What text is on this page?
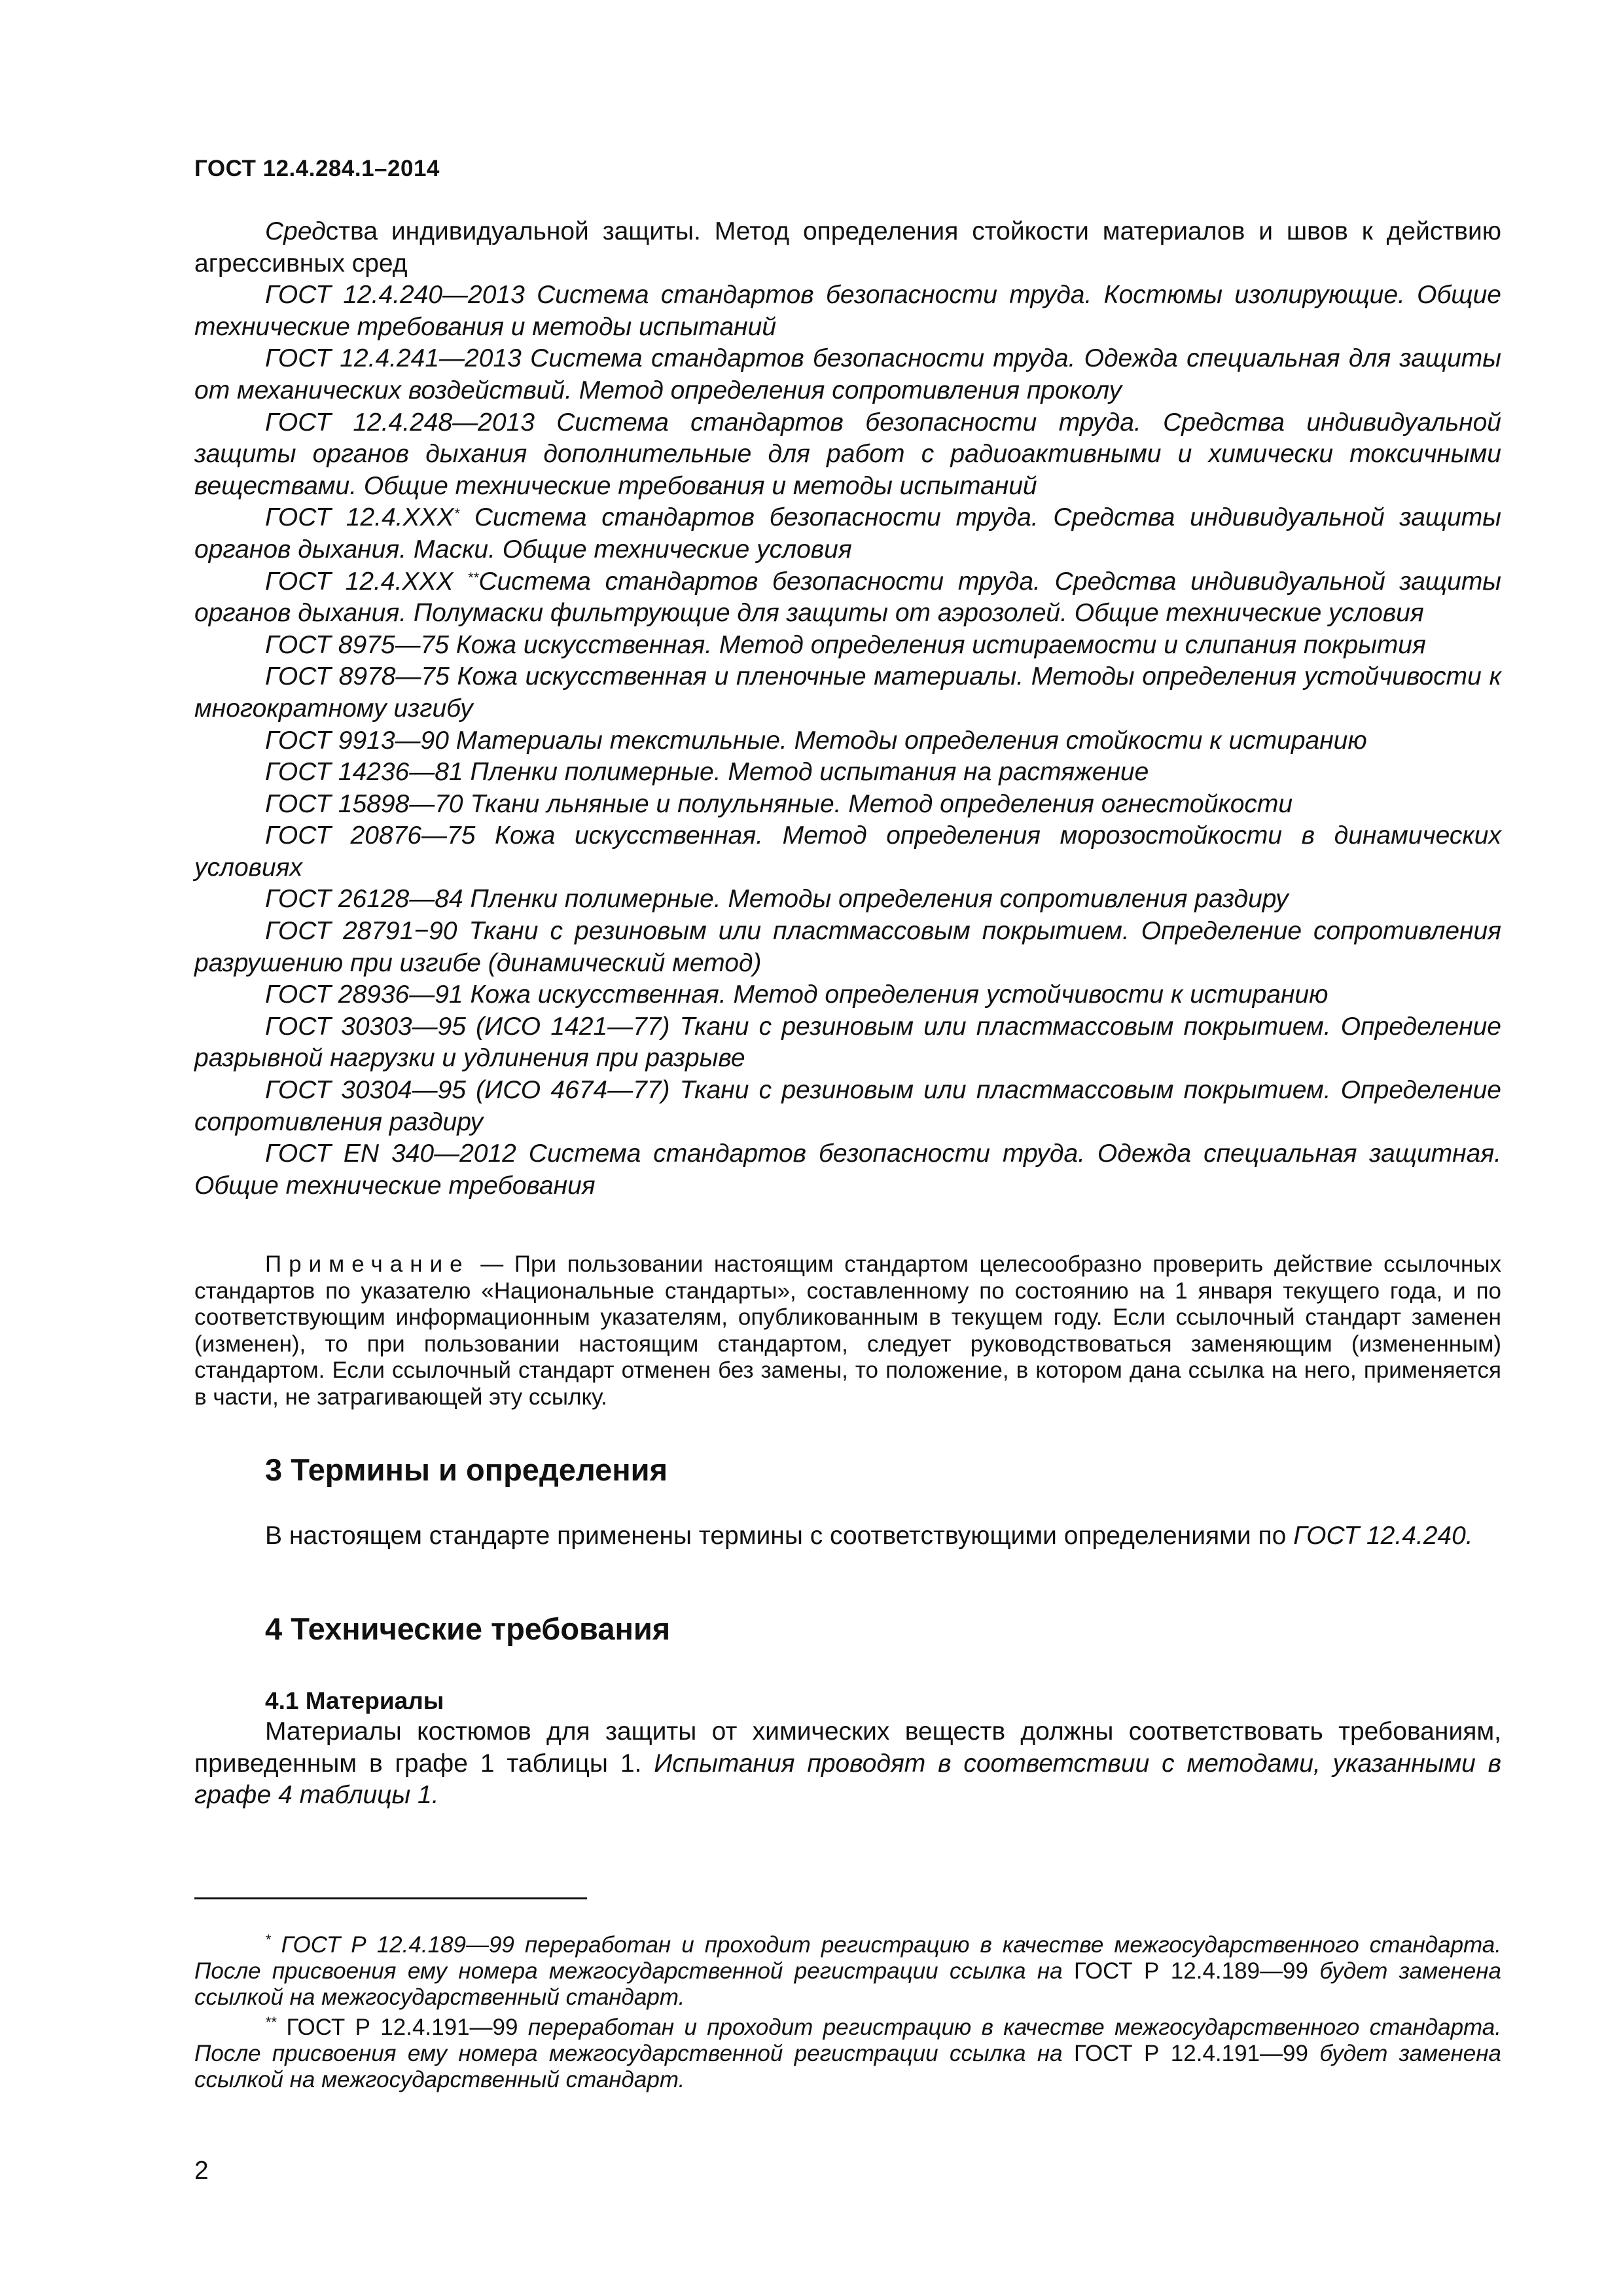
ГОСТ 12.4.284.1–2014

Средства индивидуальной защиты. Метод определения стойкости материалов и швов к действию агрессивных сред

ГОСТ 12.4.240—2013 Система стандартов безопасности труда. Костюмы изолирующие. Общие технические требования и методы испытаний

ГОСТ 12.4.241—2013 Система стандартов безопасности труда. Одежда специальная для защиты от механических воздействий. Метод определения сопротивления проколу

ГОСТ 12.4.248—2013 Система стандартов безопасности труда. Средства индивидуальной защиты органов дыхания дополнительные для работ с радиоактивными и химически токсичными веществами. Общие технические требования и методы испытаний

ГОСТ 12.4.XXX* Система стандартов безопасности труда. Средства индивидуальной защиты органов дыхания. Маски. Общие технические условия

ГОСТ 12.4.XXX **Система стандартов безопасности труда. Средства индивидуальной защиты органов дыхания. Полумаски фильтрующие для защиты от аэрозолей. Общие технические условия

ГОСТ 8975—75 Кожа искусственная. Метод определения истираемости и слипания покрытия

ГОСТ 8978—75 Кожа искусственная и пленочные материалы. Методы определения устойчивости к многократному изгибу

ГОСТ 9913—90 Материалы текстильные. Методы определения стойкости к истиранию

ГОСТ 14236—81 Пленки полимерные. Метод испытания на растяжение

ГОСТ 15898—70 Ткани льняные и полульняные. Метод определения огнестойкости

ГОСТ 20876—75 Кожа искусственная. Метод определения морозостойкости в динамических условиях

ГОСТ 26128—84 Пленки полимерные. Методы определения сопротивления раздиру

ГОСТ 28791−90 Ткани с резиновым или пластмассовым покрытием. Определение сопротивления разрушению при изгибе (динамический метод)

ГОСТ 28936—91 Кожа искусственная. Метод определения устойчивости к истиранию

ГОСТ 30303—95 (ИСО 1421—77) Ткани с резиновым или пластмассовым покрытием. Определение разрывной нагрузки и удлинения при разрыве

ГОСТ 30304—95 (ИСО 4674—77) Ткани с резиновым или пластмассовым покрытием. Определение сопротивления раздиру

ГОСТ EN 340—2012 Система стандартов безопасности труда. Одежда специальная защитная. Общие технические требования

Примечание — При пользовании настоящим стандартом целесообразно проверить действие ссылочных стандартов по указателю «Национальные стандарты», составленному по состоянию на 1 января текущего года, и по соответствующим информационным указателям, опубликованным в текущем году. Если ссылочный стандарт заменен (изменен), то при пользовании настоящим стандартом, следует руководствоваться заменяющим (измененным) стандартом. Если ссылочный стандарт отменен без замены, то положение, в котором дана ссылка на него, применяется в части, не затрагивающей эту ссылку.
3 Термины и определения

В настоящем стандарте применены термины с соответствующими определениями по ГОСТ 12.4.240.

4 Технические требования
4.1 Материалы

Материалы костюмов для защиты от химических веществ должны соответствовать требованиям, приведенным в графе 1 таблицы 1. Испытания проводят в соответствии с методами, указанными в графе 4 таблицы 1.

* ГОСТ Р 12.4.189—99 переработан и проходит регистрацию в качестве межгосударственного стандарта. После присвоения ему номера межгосударственной регистрации ссылка на ГОСТ Р 12.4.189—99 будет заменена ссылкой на межгосударственный стандарт.

** ГОСТ Р 12.4.191—99 переработан и проходит регистрацию в качестве межгосударственного стандарта. После присвоения ему номера межгосударственной регистрации ссылка на ГОСТ Р 12.4.191—99 будет заменена ссылкой на межгосударственный стандарт.

2
